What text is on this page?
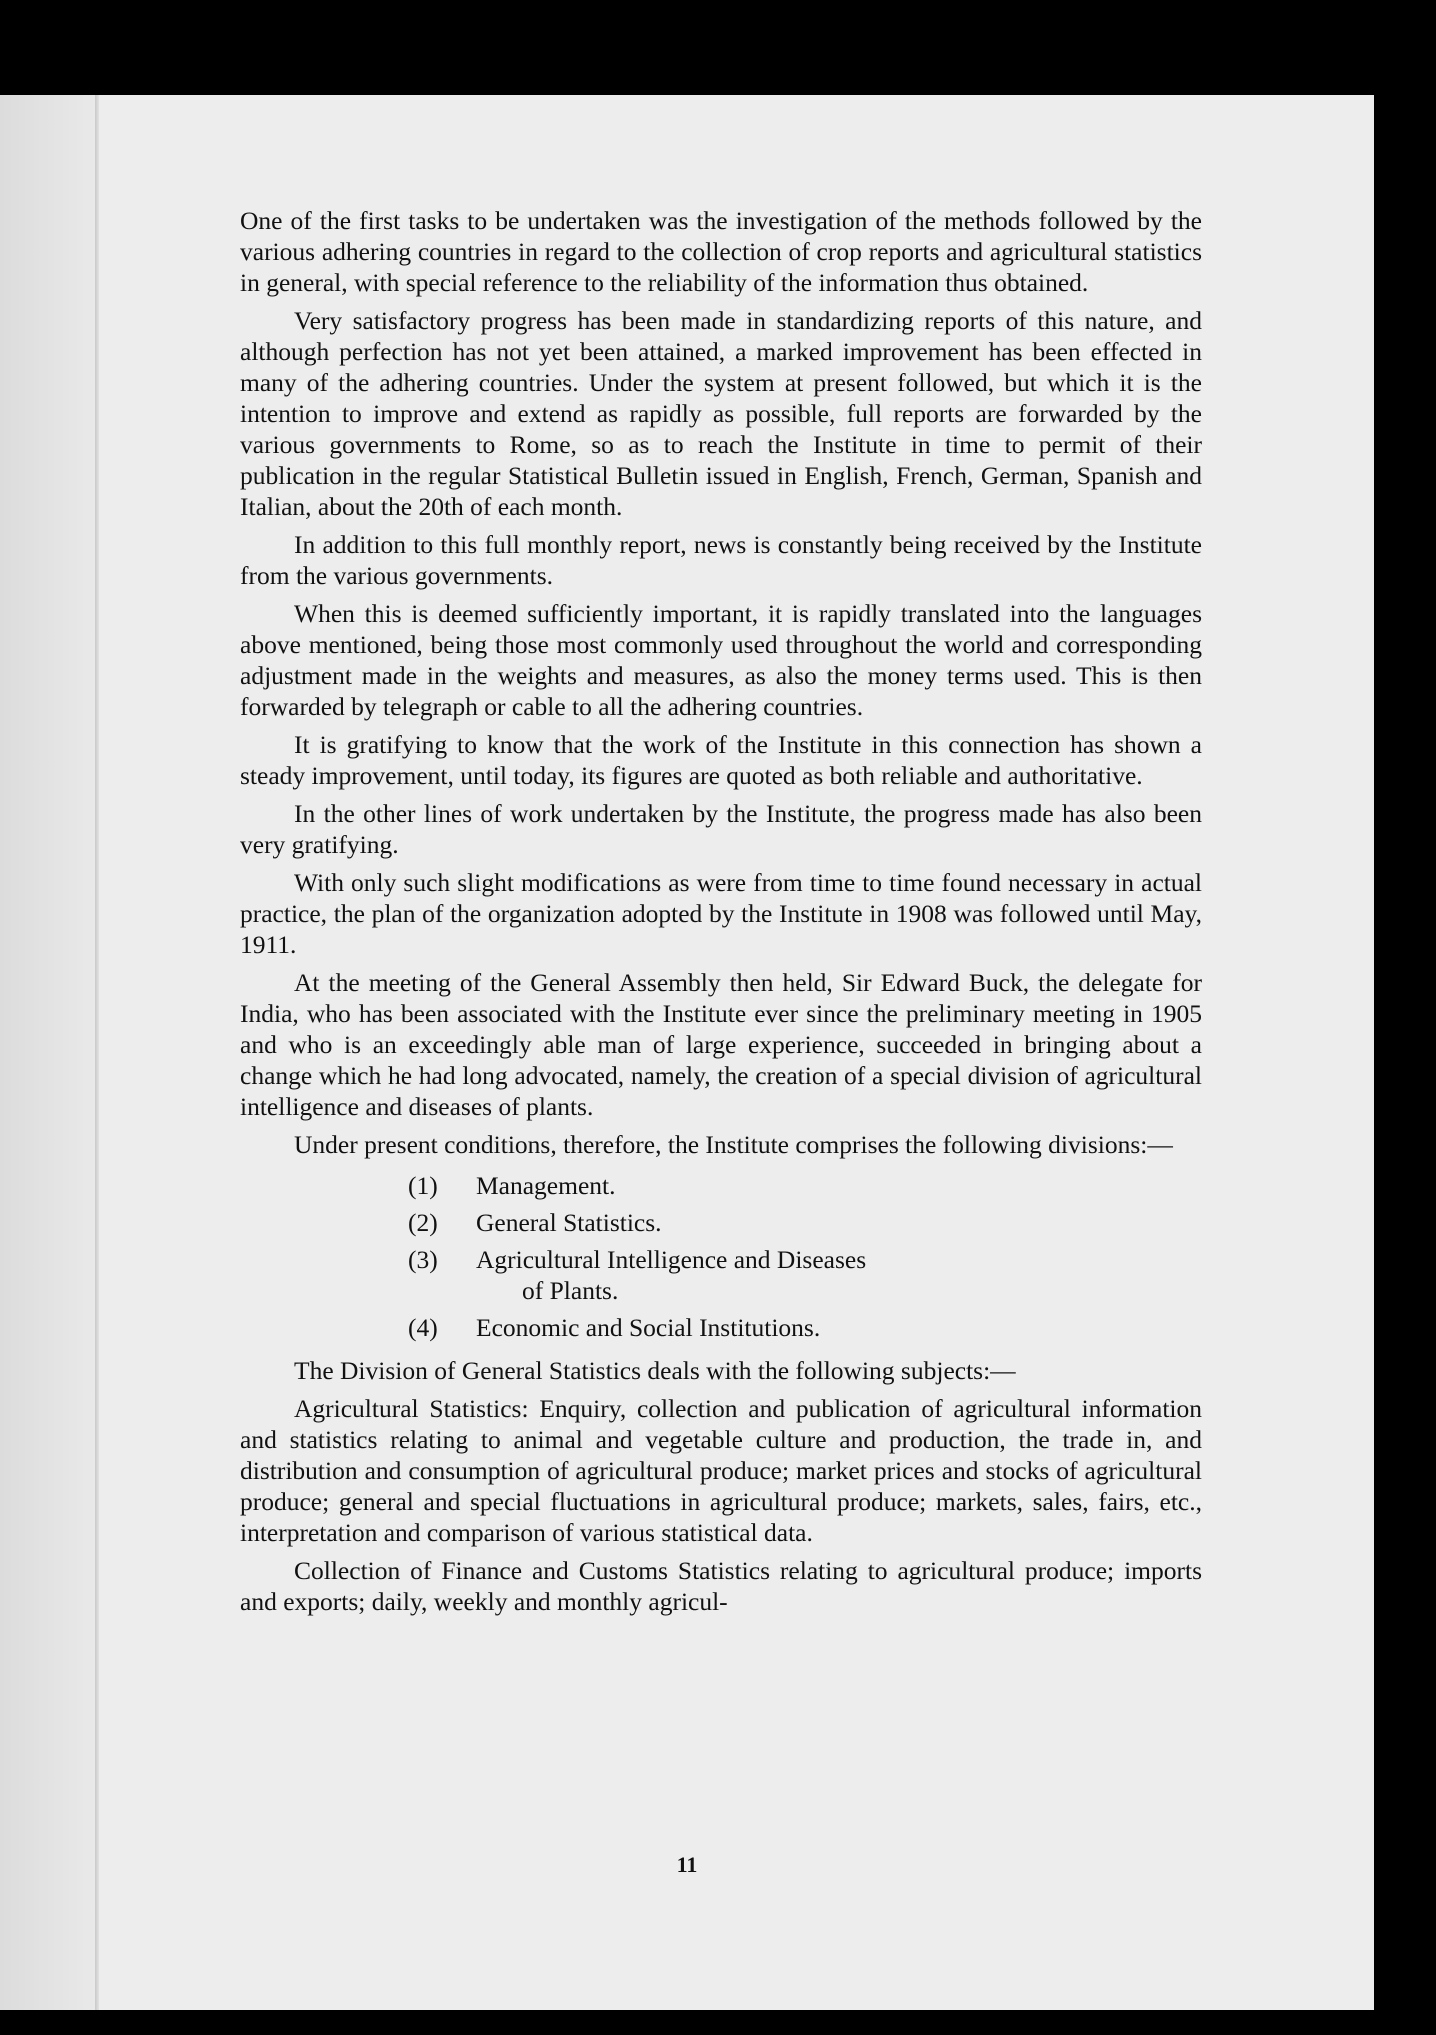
One of the first tasks to be undertaken was the investigation of the methods followed by the various adhering countries in regard to the collection of crop reports and agricultural statistics in general, with special reference to the reliability of the information thus obtained.

Very satisfactory progress has been made in standardizing reports of this nature, and although perfection has not yet been attained, a marked improvement has been effected in many of the adhering countries. Under the system at present followed, but which it is the intention to improve and extend as rapidly as possible, full reports are forwarded by the various governments to Rome, so as to reach the Institute in time to permit of their publication in the regular Statistical Bulletin issued in English, French, German, Spanish and Italian, about the 20th of each month.

In addition to this full monthly report, news is constantly being received by the Institute from the various governments.

When this is deemed sufficiently important, it is rapidly translated into the languages above mentioned, being those most commonly used throughout the world and corresponding adjustment made in the weights and measures, as also the money terms used. This is then forwarded by telegraph or cable to all the adhering countries.

It is gratifying to know that the work of the Institute in this connection has shown a steady improvement, until today, its figures are quoted as both reliable and authoritative.

In the other lines of work undertaken by the Institute, the progress made has also been very gratifying.

With only such slight modifications as were from time to time found necessary in actual practice, the plan of the organization adopted by the Institute in 1908 was followed until May, 1911.

At the meeting of the General Assembly then held, Sir Edward Buck, the delegate for India, who has been associated with the Institute ever since the preliminary meeting in 1905 and who is an exceedingly able man of large experience, succeeded in bringing about a change which he had long advocated, namely, the creation of a special division of agricultural intelligence and diseases of plants.

Under present conditions, therefore, the Institute comprises the following divisions:—

(1)	Management.
(2)	General Statistics.
(3)	Agricultural Intelligence and Diseases
of Plants.
(4)	Economic and Social Institutions.

The Division of General Statistics deals with the following subjects:—

Agricultural Statistics: Enquiry, collection and publication of agricultural information and statistics relating to animal and vegetable culture and production, the trade in, and distribution and consumption of agricultural produce; market prices and stocks of agricultural produce; general and special fluctuations in agricultural produce; markets, sales, fairs, etc., interpretation and comparison of various statistical data.

Collection of Finance and Customs Statistics relating to agricultural produce; imports and exports; daily, weekly and monthly agricul-

11
